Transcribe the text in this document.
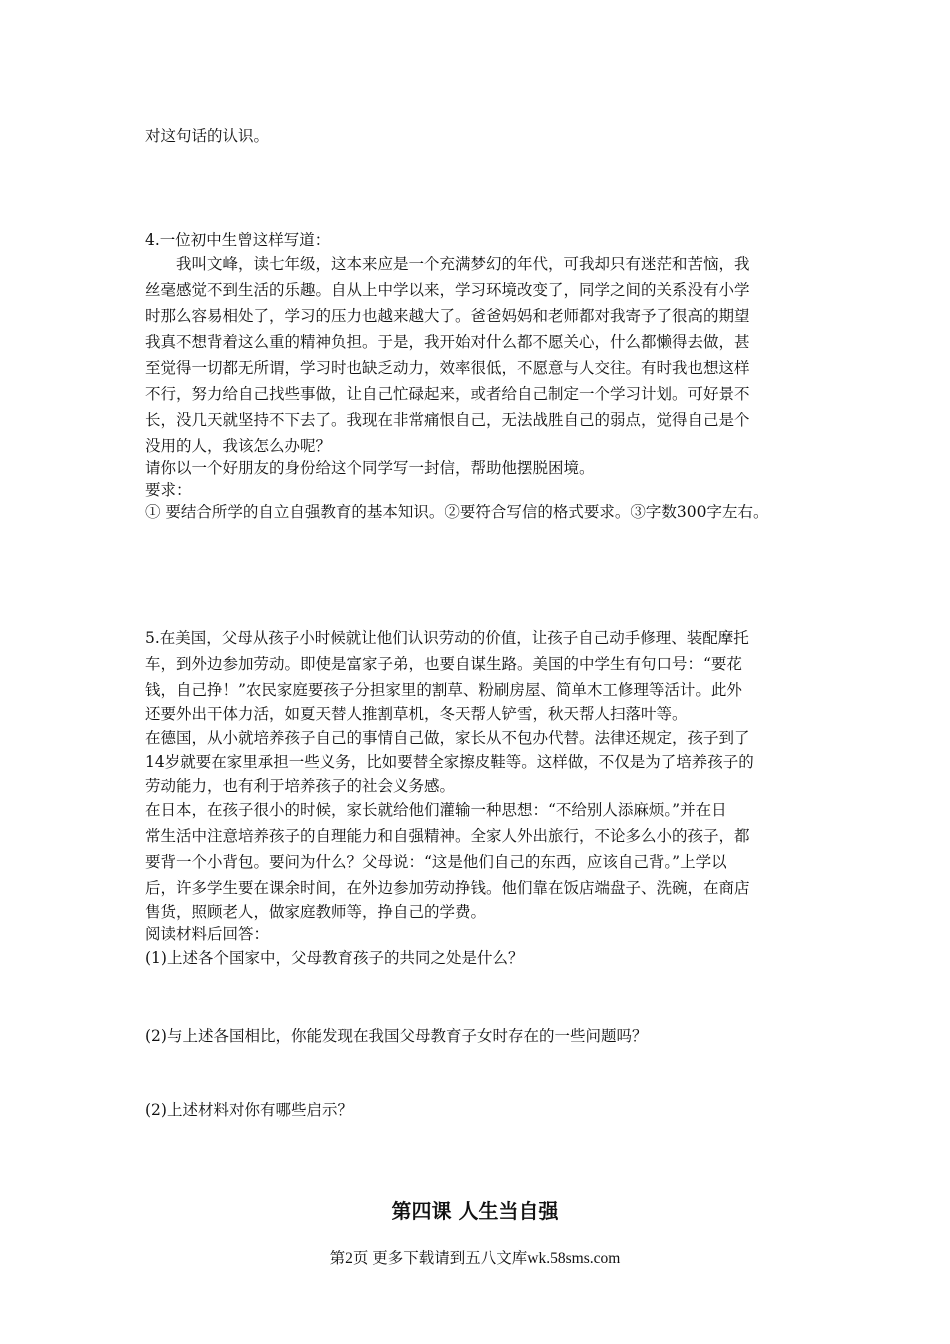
对这句话的认识。
4.一位初中生曾这样写道：
　　我叫文峰，读七年级，这本来应是一个充满梦幻的年代，可我却只有迷茫和苦恼，我
丝毫感觉不到生活的乐趣。自从上中学以来，学习环境改变了，同学之间的关系没有小学
时那么容易相处了，学习的压力也越来越大了。爸爸妈妈和老师都对我寄予了很高的期望
我真不想背着这么重的精神负担。于是，我开始对什么都不愿关心，什么都懒得去做，甚
至觉得一切都无所谓，学习时也缺乏动力，效率很低，不愿意与人交往。有时我也想这样
不行，努力给自己找些事做，让自己忙碌起来，或者给自己制定一个学习计划。可好景不
长，没几天就坚持不下去了。我现在非常痛恨自己，无法战胜自己的弱点，觉得自己是个
没用的人，我该怎么办呢？
请你以一个好朋友的身份给这个同学写一封信，帮助他摆脱困境。
要求：
① 要结合所学的自立自强教育的基本知识。②要符合写信的格式要求。③字数300字左右。
5.在美国，父母从孩子小时候就让他们认识劳动的价值，让孩子自己动手修理、装配摩托
车，到外边参加劳动。即使是富家子弟，也要自谋生路。美国的中学生有句口号：“要花
钱，自己挣！”农民家庭要孩子分担家里的割草、粉刷房屋、简单木工修理等活计。此外
还要外出干体力活，如夏天替人推割草机，冬天帮人铲雪，秋天帮人扫落叶等。
在德国，从小就培养孩子自己的事情自己做，家长从不包办代替。法律还规定，孩子到了
14岁就要在家里承担一些义务，比如要替全家擦皮鞋等。这样做，不仅是为了培养孩子的
劳动能力，也有利于培养孩子的社会义务感。
在日本，在孩子很小的时候，家长就给他们灌输一种思想：“不给别人添麻烦。”并在日
常生活中注意培养孩子的自理能力和自强精神。全家人外出旅行，不论多么小的孩子，都
要背一个小背包。要问为什么？父母说：“这是他们自己的东西，应该自己背。”上学以
后，许多学生要在课余时间，在外边参加劳动挣钱。他们靠在饭店端盘子、洗碗，在商店
售货，照顾老人，做家庭教师等，挣自己的学费。
阅读材料后回答：
(1)上述各个国家中，父母教育孩子的共同之处是什么？
(2)与上述各国相比，你能发现在我国父母教育子女时存在的一些问题吗？
(2)上述材料对你有哪些启示？
第四课 人生当自强
第2页 更多下载请到五八文库wk.58sms.com
